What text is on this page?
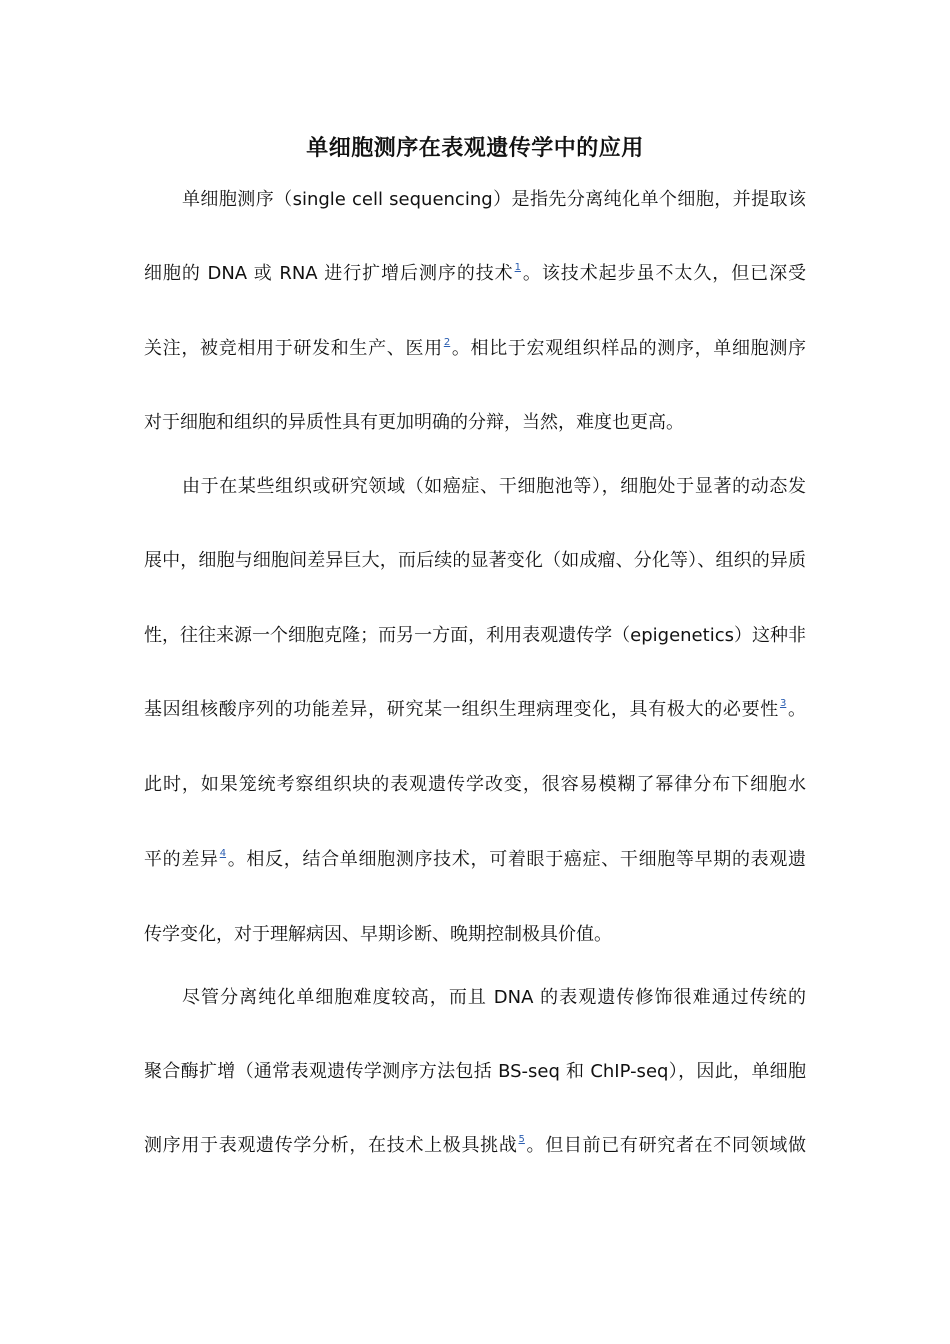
单细胞测序在表观遗传学中的应用
单细胞测序（single cell sequencing）是指先分离纯化单个细胞，并提取该
细胞的 DNA 或 RNA 进行扩增后测序的技术$^1$。该技术起步虽不太久，但已深受
关注，被竞相用于研发和生产、医用$^2$。相比于宏观组织样品的测序，单细胞测序
对于细胞和组织的异质性具有更加明确的分辩，当然，难度也更高。
由于在某些组织或研究领域（如癌症、干细胞池等），细胞处于显著的动态发
展中，细胞与细胞间差异巨大，而后续的显著变化（如成瘤、分化等）、组织的异质
性，往往来源一个细胞克隆；而另一方面，利用表观遗传学（epigenetics）这种非
基因组核酸序列的功能差异，研究某一组织生理病理变化，具有极大的必要性$^3$。
此时，如果笼统考察组织块的表观遗传学改变，很容易模糊了幂律分布下细胞水
平的差异$^4$。相反，结合单细胞测序技术，可着眼于癌症、干细胞等早期的表观遗
传学变化，对于理解病因、早期诊断、晚期控制极具价值。
尽管分离纯化单细胞难度较高，而且 DNA 的表观遗传修饰很难通过传统的
聚合酶扩增（通常表观遗传学测序方法包括 BS-seq 和 ChIP-seq），因此，单细胞
测序用于表观遗传学分析，在技术上极具挑战$^5$。但目前已有研究者在不同领域做
